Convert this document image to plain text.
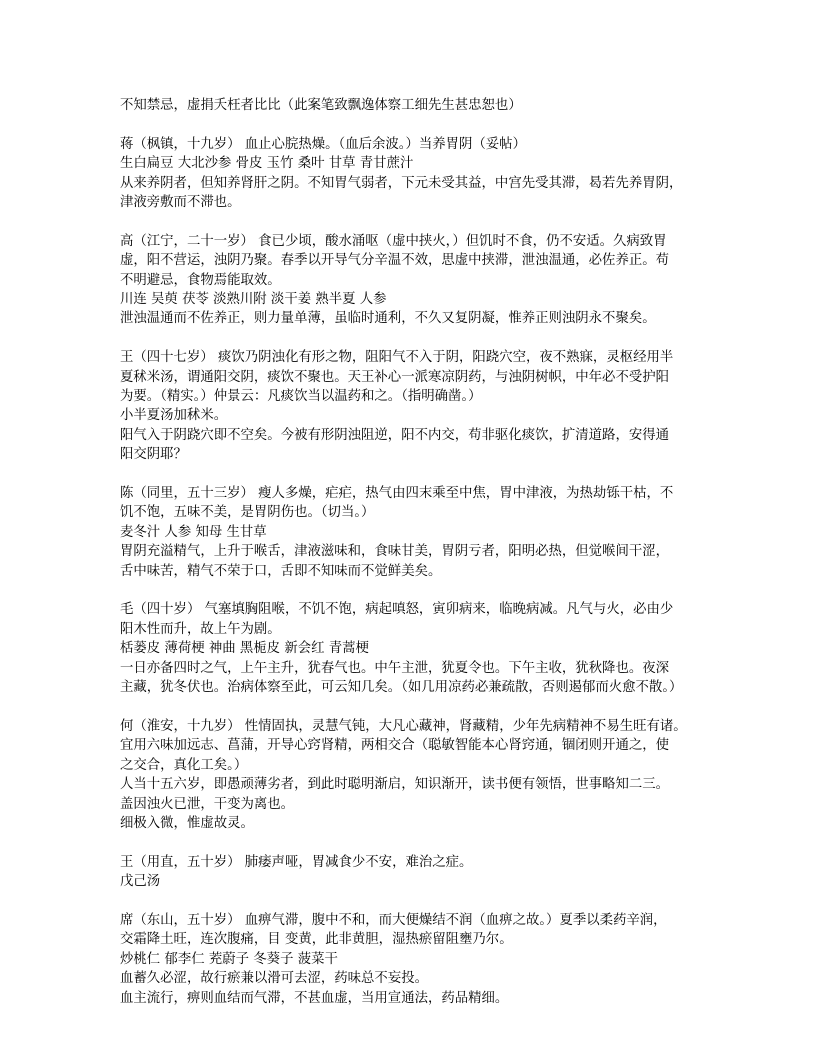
不知禁忌，虚捐夭枉者比比（此案笔致飘逸体察工细先生甚忠恕也）
蒋（枫镇，十九岁） 血止心脘热燥。（血后余波。）当养胃阴（妥帖）
生白扁豆 大北沙参 骨皮 玉竹 桑叶 甘草 青甘蔗汁
从来养阴者，但知养肾肝之阴。不知胃气弱者，下元未受其益，中宫先受其滞，曷若先养胃阴，
津液旁敷而不滞也。
高（江宁，二十一岁） 食已少顷，酸水涌呕（虚中挟火，）但饥时不食，仍不安适。久病致胃
虚，阳不营运，浊阴乃聚。春季以开导气分辛温不效，思虚中挟滞，泄浊温通，必佐养正。苟
不明避忌，食物焉能取效。
川连 吴萸 茯苓 淡熟川附 淡干姜 熟半夏 人参
泄浊温通而不佐养正，则力量单薄，虽临时通利，不久又复阴凝，惟养正则浊阴永不聚矣。
王（四十七岁） 痰饮乃阴浊化有形之物，阻阳气不入于阴，阳跷穴空，夜不熟寐，灵枢经用半
夏秫米汤，谓通阳交阴，痰饮不聚也。天王补心一派寒凉阴药，与浊阴树帜，中年必不受护阳
为要。（精实。）仲景云：凡痰饮当以温药和之。（指明确凿。）
小半夏汤加秫米。
阳气入于阴跷穴即不空矣。今被有形阴浊阻逆，阳不内交，苟非驱化痰饮，扩清道路，安得通
阳交阴耶？
陈（同里，五十三岁） 瘦人多燥，疟疟，热气由四末乘至中焦，胃中津液，为热劫铄干枯，不
饥不饱，五味不美，是胃阴伤也。（切当。）
麦冬汁 人参 知母 生甘草
胃阴充溢精气，上升于喉舌，津液滋味和，食味甘美，胃阴亏者，阳明必热，但觉喉间干涩，
舌中味苦，精气不荣于口，舌即不知味而不觉鲜美矣。
毛（四十岁） 气塞填胸阻喉，不饥不饱，病起嗔怒，寅卯病来，临晚病减。凡气与火，必由少
阳木性而升，故上午为剧。
栝蒌皮 薄荷梗 神曲 黑栀皮 新会红 青蒿梗
一日亦备四时之气，上午主升，犹春气也。中午主泄，犹夏令也。下午主收，犹秋降也。夜深
主藏，犹冬伏也。治病体察至此，可云知几矣。（如几用凉药必兼疏散，否则遏郁而火愈不散。）
何（淮安，十九岁） 性情固执，灵慧气钝，大凡心藏神，肾藏精，少年先病精神不易生旺有诸。
宜用六味加远志、菖蒲，开导心窍肾精，两相交合（聪敏智能本心肾窍通，锢闭则开通之，使
之交合，真化工矣。）
人当十五六岁，即愚顽薄劣者，到此时聪明渐启，知识渐开，读书便有领悟，世事略知二三。
盖因浊火已泄，干变为离也。
细极入微，惟虚故灵。
王（用直，五十岁） 肺痿声哑，胃减食少不安，难治之症。
戊己汤
席（东山，五十岁） 血痹气滞，腹中不和，而大便燥结不润（血痹之故。）夏季以柔药辛润，
交霜降土旺，连次腹痛，目 变黄，此非黄胆，湿热瘀留阻壅乃尔。
炒桃仁 郁李仁 茺蔚子 冬葵子 菠菜干
血蓄久必涩，故行瘀兼以滑可去涩，药味总不妄投。
血主流行，痹则血结而气滞，不甚血虚，当用宣通法，药品精细。
